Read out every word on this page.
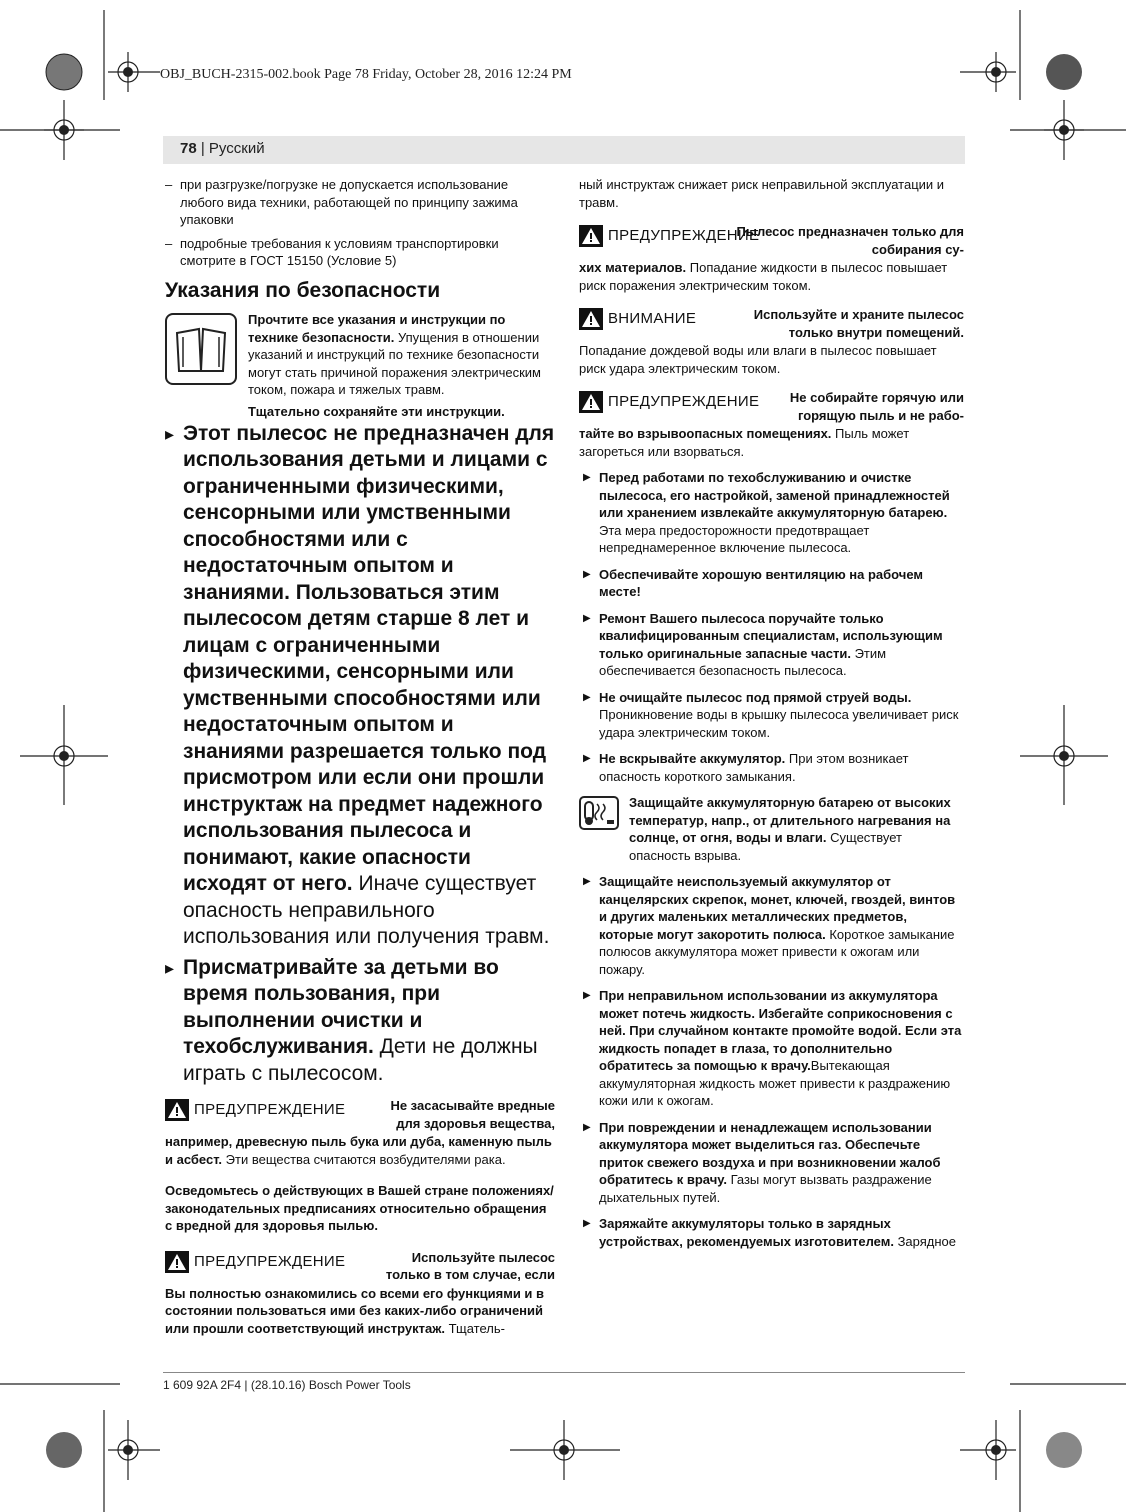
OBJ_BUCH-2315-002.book Page 78 Friday, October 28, 2016 12:24 PM
78 | Русский
– при разгрузке/погрузке не допускается использование любого вида техники, работающей по принципу зажима упаковки
– подробные требования к условиям транспортировки смотрите в ГОСТ 15150 (Условие 5)
Указания по безопасности

Прочтите все указания и инструкции по технике безопасности. Упущения в отношении указаний и инструкций по технике безопасности могут стать причиной поражения электрическим током, пожара и тяжелых травм.

Тщательно сохраняйте эти инструкции.

▸ Этот пылесос не предназначен для использования детьми и лицами с ограниченными физическими, сенсорными или умственными способностями или с недостаточным опытом и знаниями. Пользоваться этим пылесосом детям старше 8 лет и лицам с ограниченными физическими, сенсорными или умственными способностями или недостаточным опытом и знаниями разрешается только под присмотром или если они прошли инструктаж на предмет надежного использования пылесоса и понимают, какие опасности исходят от него. Иначе существует опасность неправильного использования или получения травм.
▸ Присматривайте за детьми во время пользования, при выполнении очистки и техобслуживания. Дети не должны играть с пылесосом.
ПРЕДУПРЕЖДЕНИЕ	Не засасывайте вредные для здоровья вещества,

например, древесную пыль бука или дуба, каменную пыль и асбест. Эти вещества считаются возбудителями рака.

Осведомьтесь о действующих в Вашей стране положениях/законодательных предписаниях относительно обращения с вредной для здоровья пылью.

ПРЕДУПРЕЖДЕНИЕ	Используйте пылесос только в том случае, если

Вы полностью ознакомились со всеми его функциями и в состоянии пользоваться ими без каких-либо ограничений или прошли соответствующий инструктаж. Тщатель-

ный инструктаж снижает риск неправильной эксплуатации и травм.

ПРЕДУПРЕЖДЕНИЕ
Пылесос предназначен только для собирания су-

хих материалов. Попадание жидкости в пылесос повышает риск поражения электрическим током.

ВНИМАНИЕ	Используйте и храните пылесос только внутри помещений.

Попадание дождевой воды или влаги в пылесос повышает риск удара электрическим током.

ПРЕДУПРЕЖДЕНИЕ	Не собирайте горячую или горящую пыль и не рабо-

тайте во взрывоопасных помещениях. Пыль может загореться или взорваться.

▶ Перед работами по техобслуживанию и очистке пылесоса, его настройкой, заменой принадлежностей или хранением извлекайте аккумуляторную батарею. Эта мера предосторожности предотвращает непреднамеренное включение пылесоса.
▶ Обеспечивайте хорошую вентиляцию на рабочем месте!
▶ Ремонт Вашего пылесоса поручайте только квалифицированным специалистам, использующим только оригинальные запасные части. Этим обеспечивается безопасность пылесоса.
▶ Не очищайте пылесос под прямой струей воды. Проникновение воды в крышку пылесоса увеличивает риск удара электрическим током.
▶ Не вскрывайте аккумулятор. При этом возникает опасность короткого замыкания.

Защищайте аккумуляторную батарею от высоких температур, напр., от длительного нагревания на солнце, от огня, воды и влаги. Существует опасность взрыва.

▶ Защищайте неиспользуемый аккумулятор от канцелярских скрепок, монет, ключей, гвоздей, винтов и других маленьких металлических предметов, которые могут закоротить полюса. Короткое замыкание полюсов аккумулятора может привести к ожогам или пожару.
▶ При неправильном использовании из аккумулятора может потечь жидкость. Избегайте соприкосновения с ней. При случайном контакте промойте водой. Если эта жидкость попадет в глаза, то дополнительно обратитесь за помощью к врачу.Вытекающая аккумуляторная жидкость может привести к раздражению кожи или к ожогам.
▶ При повреждении и ненадлежащем использовании аккумулятора может выделиться газ. Обеспечьте приток свежего воздуха и при возникновении жалоб обратитесь к врачу. Газы могут вызвать раздражение дыхательных путей.
▶ Заряжайте аккумуляторы только в зарядных устройствах, рекомендуемых изготовителем. Зарядное
1 609 92A 2F4 | (28.10.16) Bosch Power Tools
